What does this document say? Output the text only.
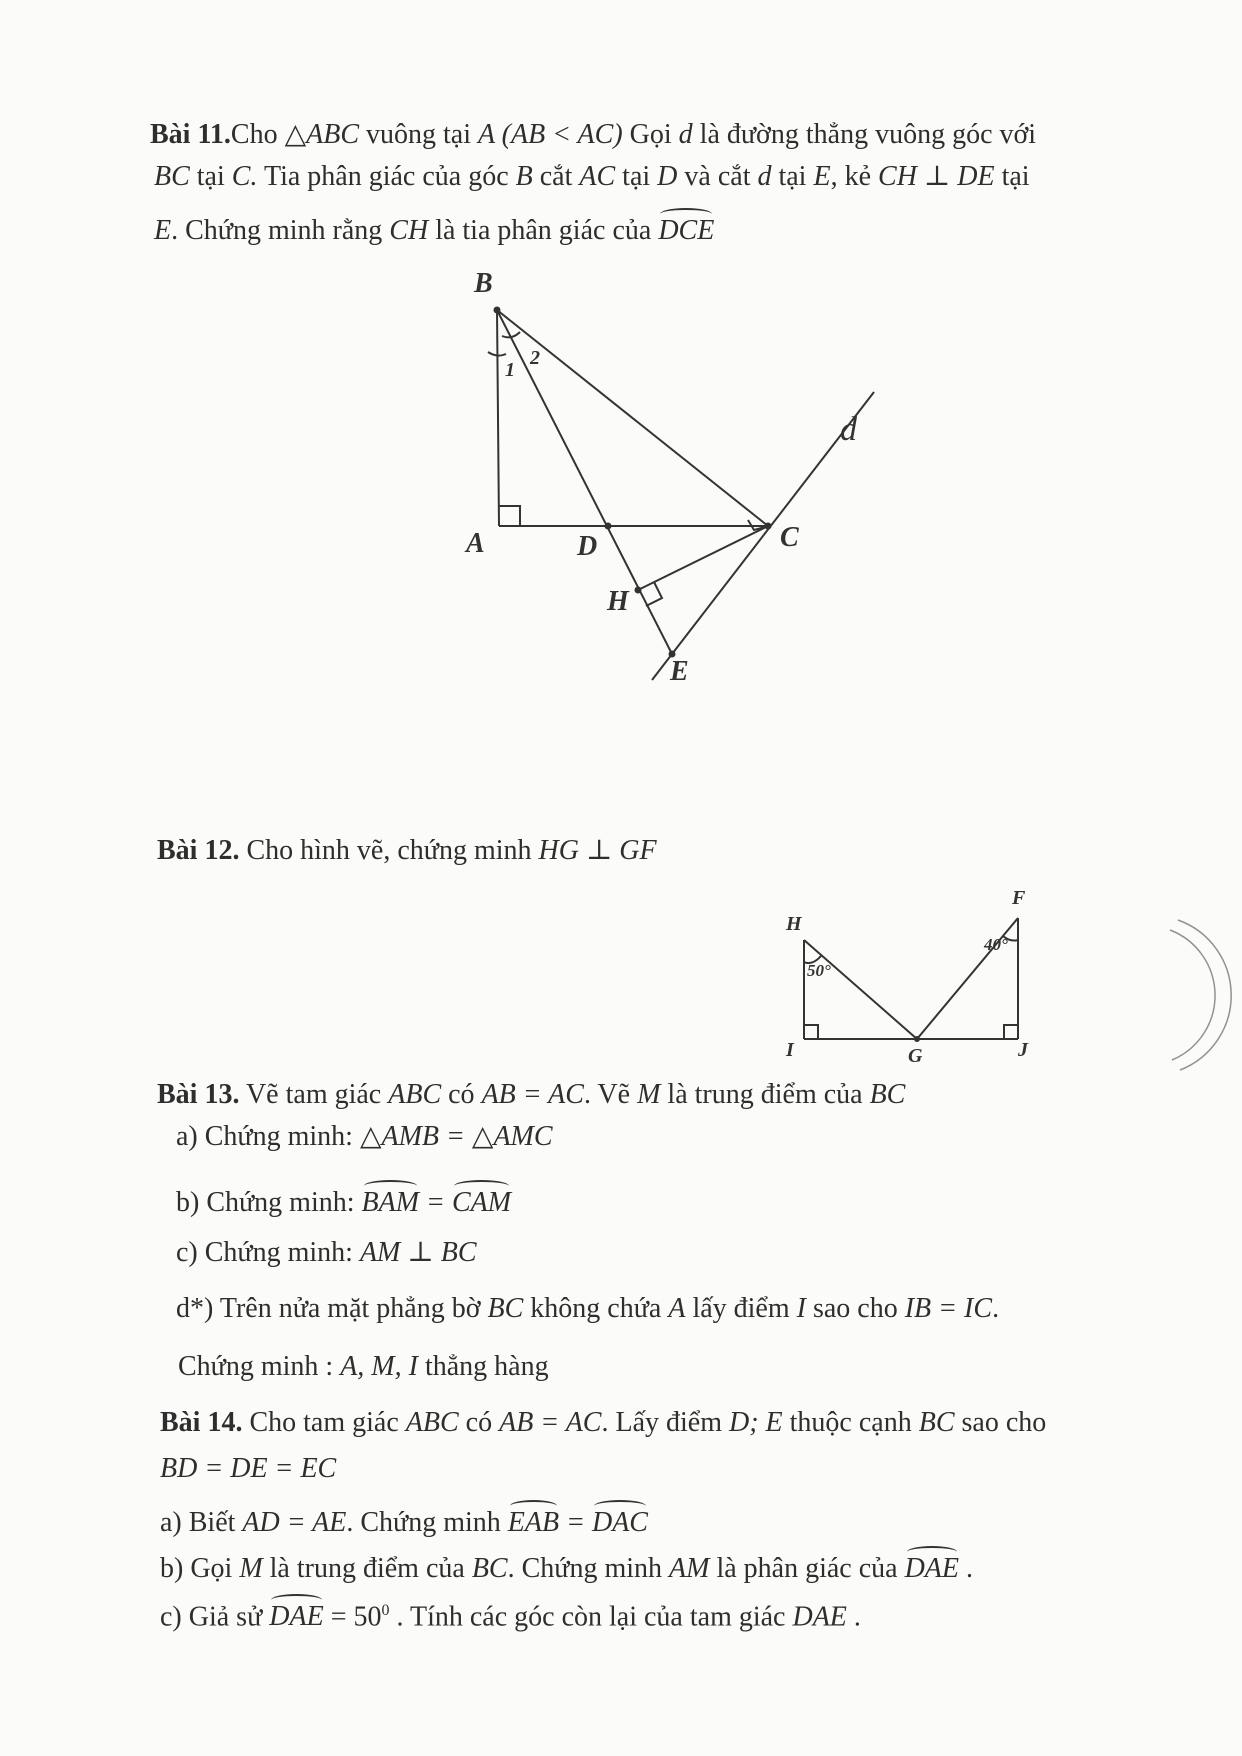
Bài 11.Cho △ABC vuông tại A (AB < AC) Gọi d là đường thẳng vuông góc với
BC tại C. Tia phân giác của góc B cắt AC tại D và cắt d tại E, kẻ CH ⊥ DE tại
E. Chứng minh rằng CH là tia phân giác của DCE
B
A	D	C
H
E
d
1
2
Bài 12. Cho hình vẽ, chứng minh HG ⊥ GF
H
F
I	G	J
50°
40°
Bài 13. Vẽ tam giác ABC có AB = AC. Vẽ M là trung điểm của BC
a) Chứng minh: △AMB = △AMC
b) Chứng minh: BAM = CAM
c) Chứng minh: AM ⊥ BC
d*) Trên nửa mặt phẳng bờ BC không chứa A lấy điểm I sao cho IB = IC.
Chứng minh : A, M, I thẳng hàng
Bài 14. Cho tam giác ABC có AB = AC. Lấy điểm D; E thuộc cạnh BC sao cho
BD = DE = EC
a) Biết AD = AE. Chứng minh EAB = DAC
b) Gọi M là trung điểm của BC. Chứng minh AM là phân giác của DAE .
c) Giả sử DAE = $50^0$ . Tính các góc còn lại của tam giác DAE .
